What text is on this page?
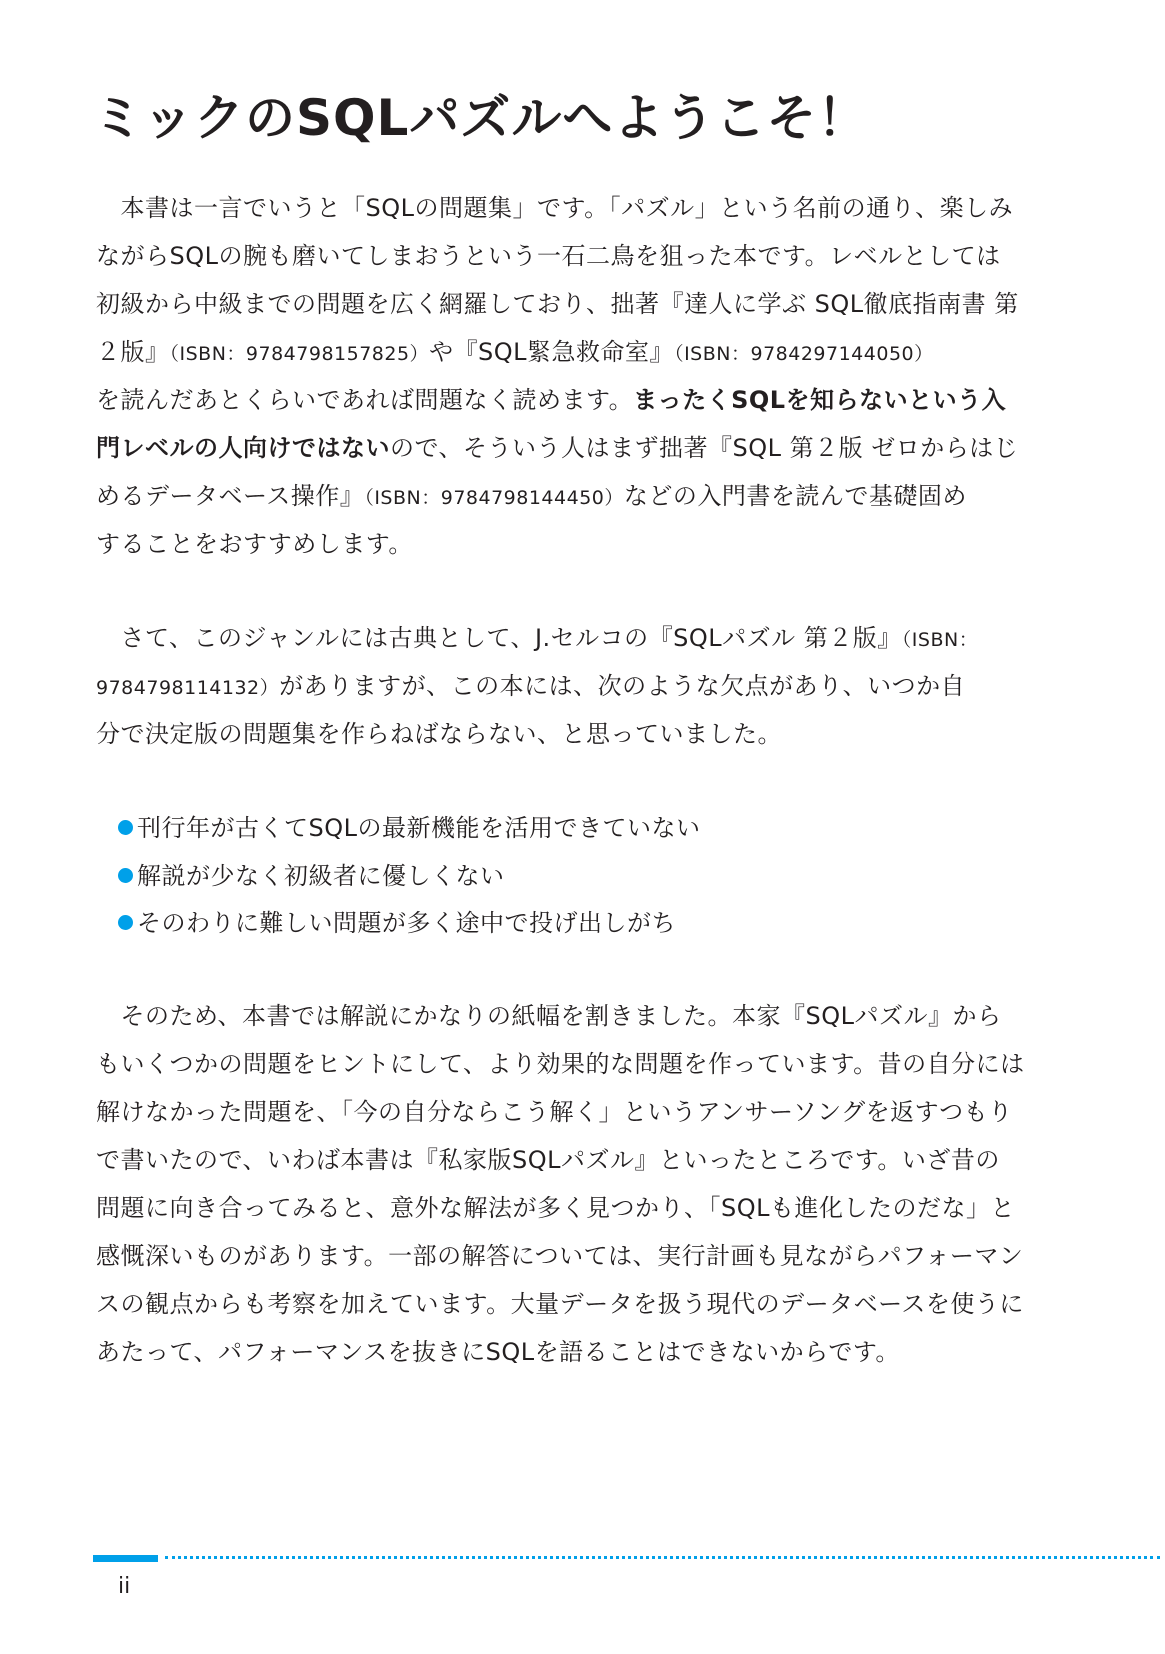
ミックのSQLパズルへようこそ！

　本書は一言でいうと「SQLの問題集」です。「パズル」という名前の通り、楽しみ

ながらSQLの腕も磨いてしまおうという一石二鳥を狙った本です。レベルとしては

初級から中級までの問題を広く網羅しており、拙著『達人に学ぶ SQL徹底指南書 第

２版』（ISBN：9784798157825）や『SQL緊急救命室』（ISBN：9784297144050）

を読んだあとくらいであれば問題なく読めます。まったくSQLを知らないという入

門レベルの人向けではないので、そういう人はまず拙著『SQL 第２版 ゼロからはじ

めるデータベース操作』（ISBN：9784798144450）などの入門書を読んで基礎固め

することをおすすめします。

　さて、このジャンルには古典として、J.セルコの『SQLパズル 第２版』（ISBN：

9784798114132）がありますが、この本には、次のような欠点があり、いつか自

分で決定版の問題集を作らねばならない、と思っていました。

刊行年が古くてSQLの最新機能を活用できていない

解説が少なく初級者に優しくない

そのわりに難しい問題が多く途中で投げ出しがち

　そのため、本書では解説にかなりの紙幅を割きました。本家『SQLパズル』から

もいくつかの問題をヒントにして、より効果的な問題を作っています。昔の自分には

解けなかった問題を、「今の自分ならこう解く」というアンサーソングを返すつもり

で書いたので、いわば本書は『私家版SQLパズル』といったところです。いざ昔の

問題に向き合ってみると、意外な解法が多く見つかり、「SQLも進化したのだな」と

感慨深いものがあります。一部の解答については、実行計画も見ながらパフォーマン

スの観点からも考察を加えています。大量データを扱う現代のデータベースを使うに

あたって、パフォーマンスを抜きにSQLを語ることはできないからです。

ii
